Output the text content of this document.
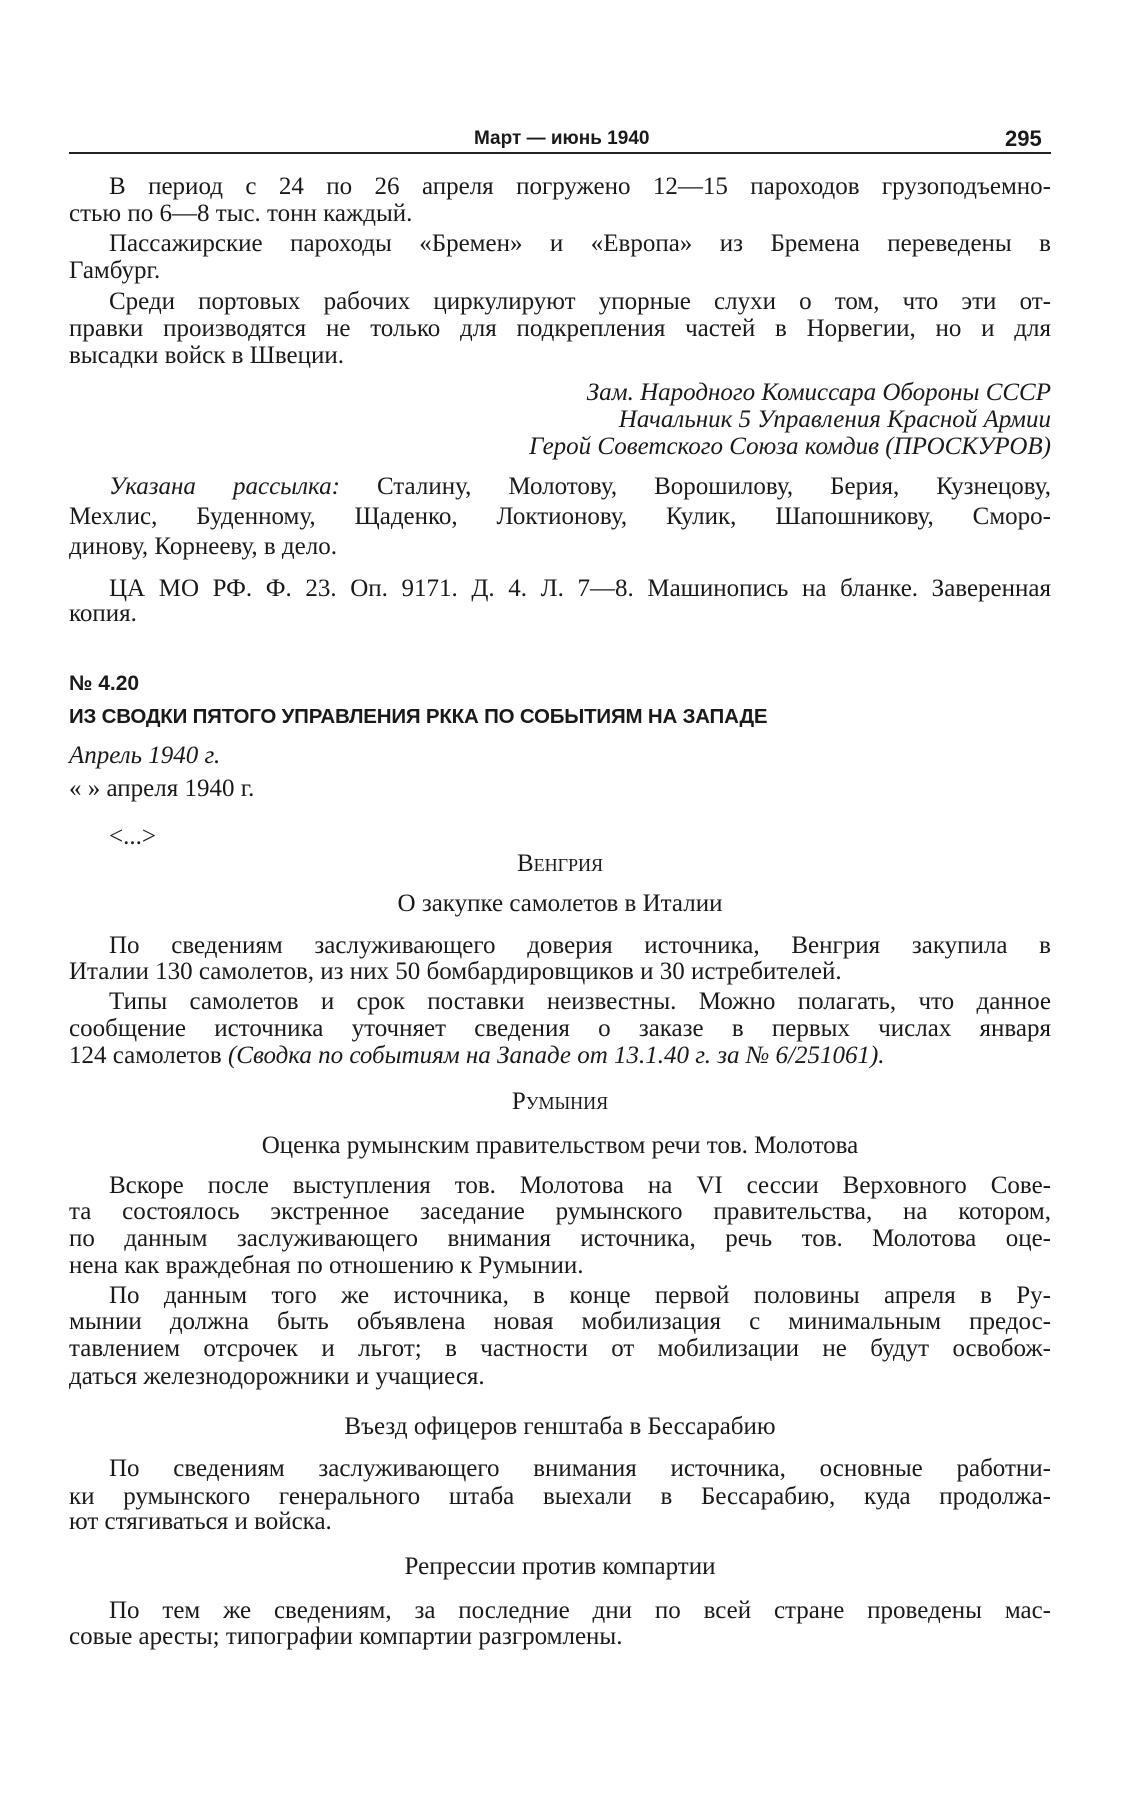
Март — июнь 1940	295
В период с 24 по 26 апреля погружено 12—15 пароходов грузоподъемно-
стью по 6—8 тыс. тонн каждый.
Пассажирские пароходы «Бремен» и «Европа» из Бремена переведены в
Гамбург.
Среди портовых рабочих циркулируют упорные слухи о том, что эти от-
правки производятся не только для подкрепления частей в Норвегии, но и для
высадки войск в Швеции.
Зам. Народного Комиссара Обороны СССР
Начальник 5 Управления Красной Армии
Герой Советского Союза комдив (ПРОСКУРОВ)
Указана рассылка: Сталину, Молотову, Ворошилову, Берия, Кузнецову,
Мехлис, Буденному, Щаденко, Локтионову, Кулик, Шапошникову, Сморо-
динову, Корнееву, в дело.
ЦА МО РФ. Ф. 23. Оп. 9171. Д. 4. Л. 7—8. Машинопись на бланке. Заверенная
копия.
№ 4.20
ИЗ СВОДКИ ПЯТОГО УПРАВЛЕНИЯ РККА ПО СОБЫТИЯМ НА ЗАПАДЕ
Апрель 1940 г.
« » апреля 1940 г.
<...>
Венгрия
О закупке самолетов в Италии
По сведениям заслуживающего доверия источника, Венгрия закупила в
Италии 130 самолетов, из них 50 бомбардировщиков и 30 истребителей.
Типы самолетов и срок поставки неизвестны. Можно полагать, что данное
сообщение источника уточняет сведения о заказе в первых числах января
124 самолетов (Сводка по событиям на Западе от 13.1.40 г. за № 6/251061).
Румыния
Оценка румынским правительством речи тов. Молотова
Вскоре после выступления тов. Молотова на VI сессии Верховного Сове-
та состоялось экстренное заседание румынского правительства, на котором,
по данным заслуживающего внимания источника, речь тов. Молотова оце-
нена как враждебная по отношению к Румынии.
По данным того же источника, в конце первой половины апреля в Ру-
мынии должна быть объявлена новая мобилизация с минимальным предос-
тавлением отсрочек и льгот; в частности от мобилизации не будут освобож-
даться железнодорожники и учащиеся.
Въезд офицеров генштаба в Бессарабию
По сведениям заслуживающего внимания источника, основные работни-
ки румынского генерального штаба выехали в Бессарабию, куда продолжа-
ют стягиваться и войска.
Репрессии против компартии
По тем же сведениям, за последние дни по всей стране проведены мас-
совые аресты; типографии компартии разгромлены.
